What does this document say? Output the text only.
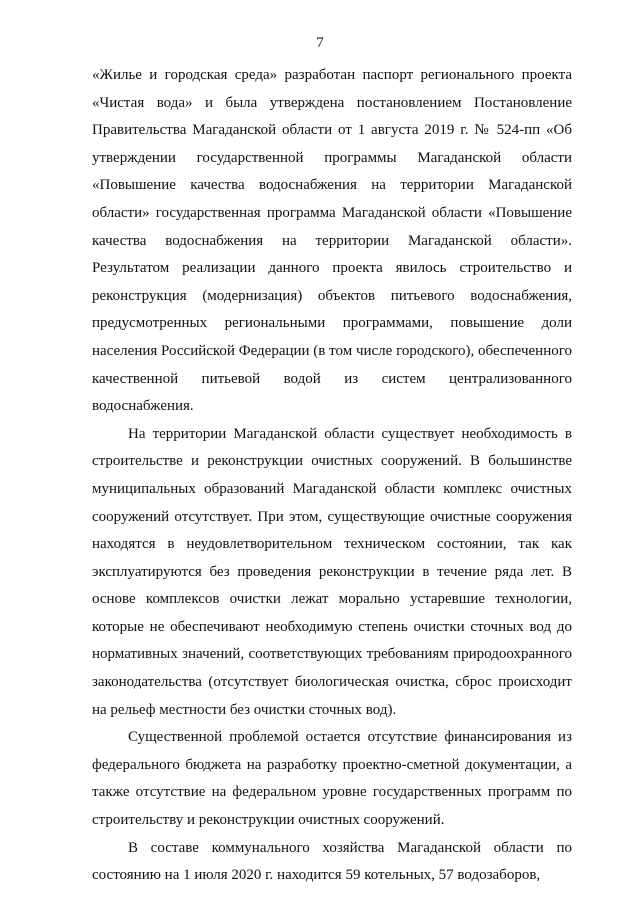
7

«Жилье и городская среда» разработан паспорт регионального проекта «Чистая вода» и была утверждена постановлением Постановление Правительства Магаданской области от 1 августа 2019 г. № 524-пп «Об утверждении государственной программы Магаданской области «Повышение качества водоснабжения на территории Магаданской области» государственная программа Магаданской области «Повышение качества водоснабжения на территории Магаданской области». Результатом реализации данного проекта явилось строительство и реконструкция (модернизация) объектов питьевого водоснабжения, предусмотренных региональными программами, повышение доли населения Российской Федерации (в том числе городского), обеспеченного качественной питьевой водой из систем централизованного водоснабжения.

На территории Магаданской области существует необходимость в строительстве и реконструкции очистных сооружений. В большинстве муниципальных образований Магаданской области комплекс очистных сооружений отсутствует. При этом, существующие очистные сооружения находятся в неудовлетворительном техническом состоянии, так как эксплуатируются без проведения реконструкции в течение ряда лет. В основе комплексов очистки лежат морально устаревшие технологии, которые не обеспечивают необходимую степень очистки сточных вод до нормативных значений, соответствующих требованиям природоохранного законодательства (отсутствует биологическая очистка, сброс происходит на рельеф местности без очистки сточных вод).

Существенной проблемой остается отсутствие финансирования из федерального бюджета на разработку проектно-сметной документации, а также отсутствие на федеральном уровне государственных программ по строительству и реконструкции очистных сооружений.

В составе коммунального хозяйства Магаданской области по состоянию на 1 июля 2020 г. находится 59 котельных, 57 водозаборов,
